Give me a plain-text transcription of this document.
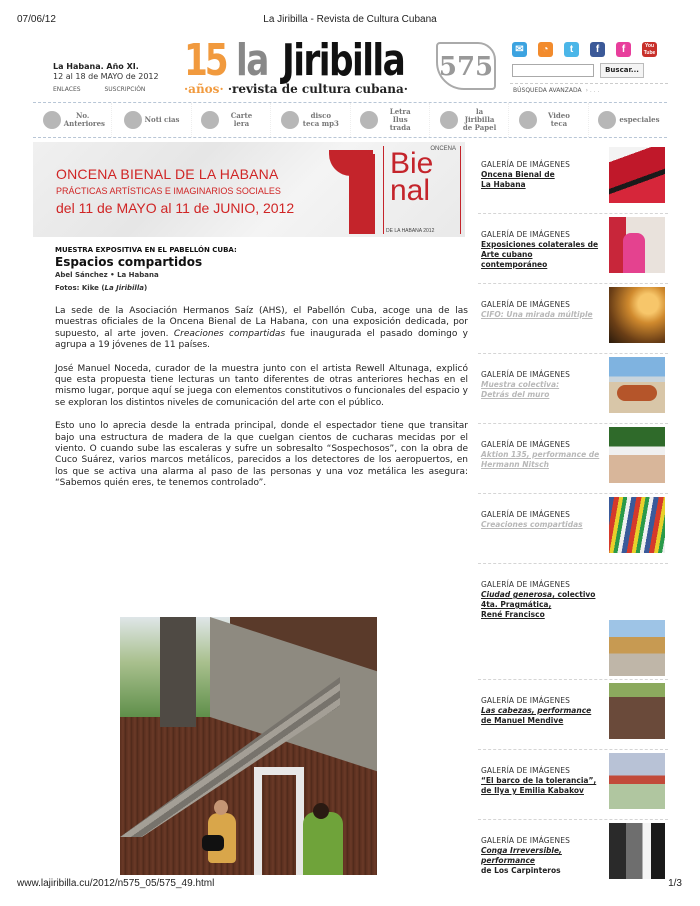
07/06/12	La Jiribilla - Revista de Cultura Cubana
La Habana. Año XI.
12 al 18 de MAYO de 2012
ENLACES	SUSCRIPCIÓN
15 la Jiribilla
·años· ·revista de cultura cubana·
575
✉	◔	t	f	f	You
Tube
Buscar...
BÚSQUEDA AVANZADA › . . .
No. Anteriores	Noti cias	Carte lera
disco teca mp3
Letra Ilus trada
la Jiribilla de Papel
Video teca	especiales
ONCENA BIENAL DE LA HABANA
PRÁCTICAS ARTÍSTICAS E IMAGINARIOS SOCIALES
del 11 de MAYO al 11 de JUNIO, 2012
ONCENA
Bie
nal
DE LA HABANA 2012
MUESTRA EXPOSITIVA EN EL PABELLÓN CUBA:
Espacios compartidos
Abel Sánchez • La Habana
Fotos: Kike (La Jiribilla)

La sede de la Asociación Hermanos Saíz (AHS), el Pabellón Cuba, acoge una de las muestras oficiales de la Oncena Bienal de La Habana, con una exposición dedicada, por supuesto, al arte joven. Creaciones compartidas fue inaugurada el pasado domingo y agrupa a 19 jóvenes de 11 países.

José Manuel Noceda, curador de la muestra junto con el artista Rewell Altunaga, explicó que esta propuesta tiene lecturas un tanto diferentes de otras anteriores hechas en el mismo lugar, porque aquí se juega con elementos constitutivos o funcionales del espacio y se exploran los distintos niveles de comunicación del arte con el público.

Esto uno lo aprecia desde la entrada principal, donde el espectador tiene que transitar bajo una estructura de madera de la que cuelgan cientos de cucharas mecidas por el viento. O cuando sube las escaleras y sufre un sobresalto “Sospechosos”, con la obra de Cuco Suárez, varios marcos metálicos, parecidos a los detectores de los aeropuertos, en los que se activa una alarma al paso de las personas y una voz metálica les asegura: “Sabemos quién eres, te tenemos controlado”.

GALERÍA DE IMÁGENES
Oncena Bienal de La Habana
GALERÍA DE IMÁGENES
Exposiciones colaterales de Arte cubano contemporáneo
GALERÍA DE IMÁGENES
CIFO: Una mirada múltiple
GALERÍA DE IMÁGENES
Muestra colectiva: Detrás del muro
GALERÍA DE IMÁGENES
Aktion 135, performance de Hermann Nitsch
GALERÍA DE IMÁGENES
Creaciones compartidas
GALERÍA DE IMÁGENES
Ciudad generosa, colectivo 4ta. Pragmática,
René Francisco
GALERÍA DE IMÁGENES
Las cabezas, performance
de Manuel Mendive
GALERÍA DE IMÁGENES
“El barco de la tolerancia”, de Ilya y Emilia Kabakov
GALERÍA DE IMÁGENES
Conga Irreversible, performance
de Los Carpinteros
www.lajiribilla.cu/2012/n575_05/575_49.html	1/3
